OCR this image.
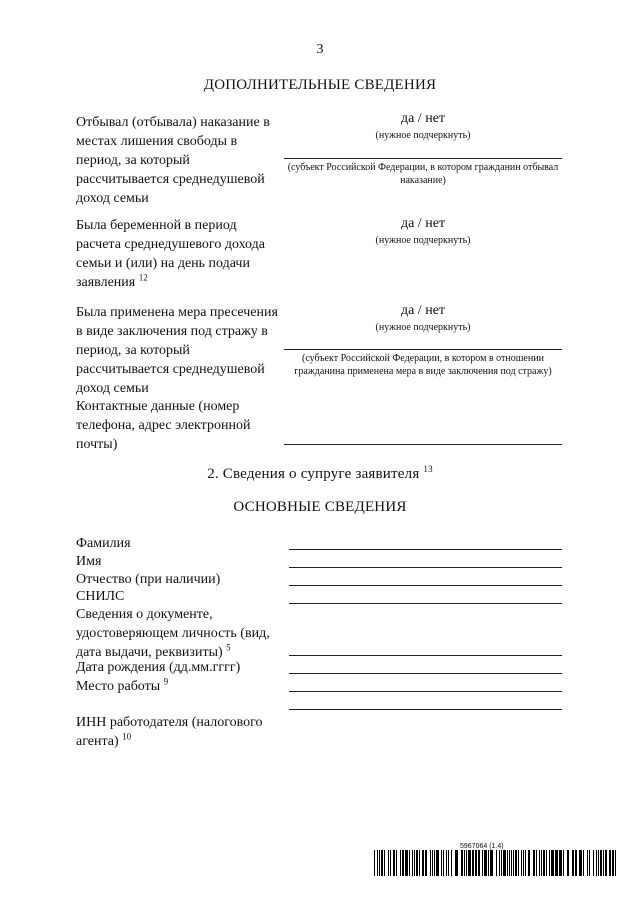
3
ДОПОЛНИТЕЛЬНЫЕ СВЕДЕНИЯ
Отбывал (отбывала) наказание в местах лишения свободы в период, за который рассчитывается среднедушевой доход семьи
да / нет
(нужное подчеркнуть)
(субъект Российской Федерации, в котором гражданин отбывал наказание)
Была беременной в период расчета среднедушевого дохода семьи и (или) на день подачи заявления $^{12}$
да / нет
(нужное подчеркнуть)
Была применена мера пресечения в виде заключения под стражу в период, за который рассчитывается среднедушевой доход семьи
да / нет
(нужное подчеркнуть)
(субъект Российской Федерации, в котором в отношении гражданина применена мера в виде заключения под стражу)
Контактные данные (номер телефона, адрес электронной почты)
2. Сведения о супруге заявителя $^{13}$
ОСНОВНЫЕ СВЕДЕНИЯ
Фамилия
Имя
Отчество (при наличии)
СНИЛС
Сведения о документе, удостоверяющем личность (вид, дата выдачи, реквизиты) $^5$
Дата рождения (дд.мм.гггг)
Место работы $^9$
ИНН работодателя (налогового агента) $^{10}$
5967064 (1.4)
